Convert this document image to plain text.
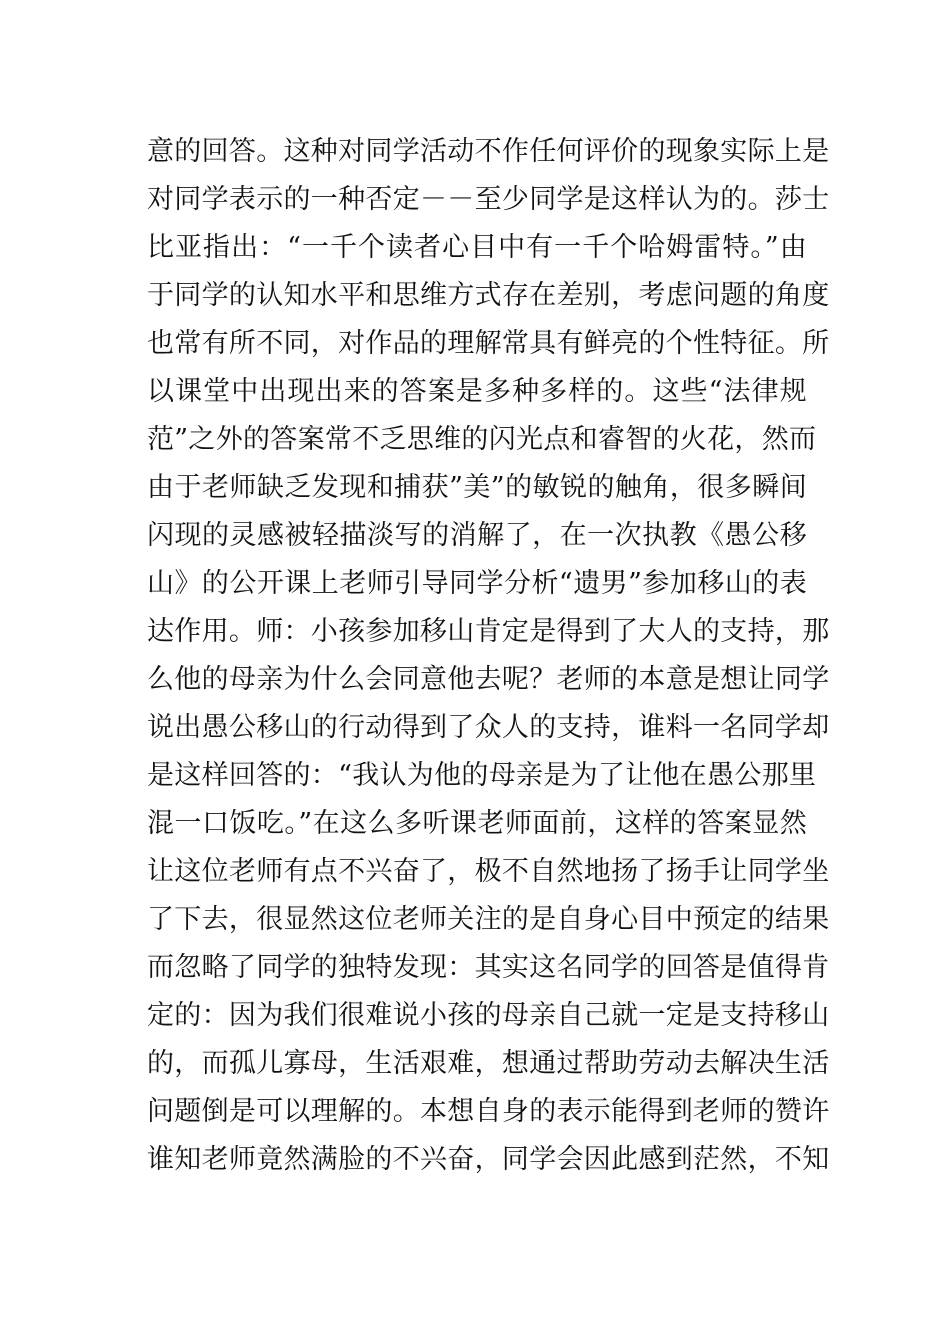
意的回答。这种对同学活动不作任何评价的现象实际上是
对同学表示的一种否定－－至少同学是这样认为的。莎士
比亚指出：“一千个读者心目中有一千个哈姆雷特。”由
于同学的认知水平和思维方式存在差别，考虑问题的角度
也常有所不同，对作品的理解常具有鲜亮的个性特征。所
以课堂中出现出来的答案是多种多样的。这些“法律规
范”之外的答案常不乏思维的闪光点和睿智的火花，然而
由于老师缺乏发现和捕获”美”的敏锐的触角，很多瞬间
闪现的灵感被轻描淡写的消解了，在一次执教《愚公移
山》的公开课上老师引导同学分析“遗男”参加移山的表
达作用。师：小孩参加移山肯定是得到了大人的支持，那
么他的母亲为什么会同意他去呢？老师的本意是想让同学
说出愚公移山的行动得到了众人的支持，谁料一名同学却
是这样回答的：“我认为他的母亲是为了让他在愚公那里
混一口饭吃。”在这么多听课老师面前，这样的答案显然
让这位老师有点不兴奋了，极不自然地扬了扬手让同学坐
了下去，很显然这位老师关注的是自身心目中预定的结果
而忽略了同学的独特发现：其实这名同学的回答是值得肯
定的：因为我们很难说小孩的母亲自己就一定是支持移山
的，而孤儿寡母，生活艰难，想通过帮助劳动去解决生活
问题倒是可以理解的。本想自身的表示能得到老师的赞许
谁知老师竟然满脸的不兴奋，同学会因此感到茫然，不知
